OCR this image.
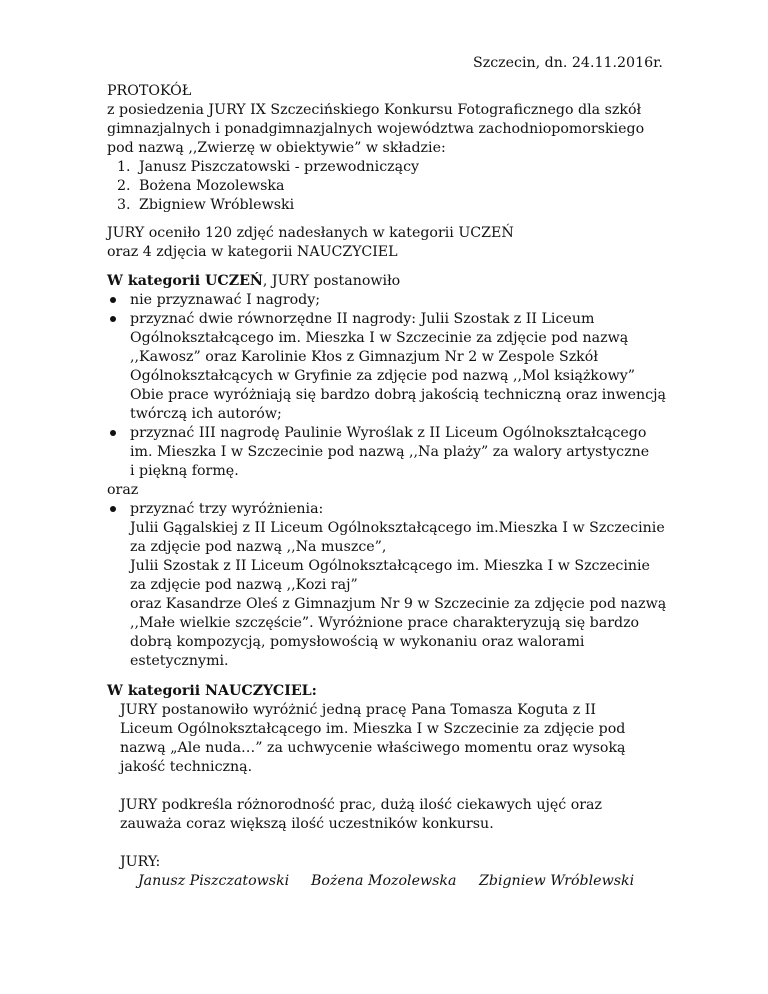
Szczecin, dn. 24.11.2016r.
PROTOKÓŁ
z posiedzenia JURY IX Szczecińskiego Konkursu Fotograficznego dla szkół
gimnazjalnych i ponadgimnazjalnych województwa zachodniopomorskiego
pod nazwą ,,Zwierzę w obiektywie” w składzie:
1. Janusz Piszczatowski - przewodniczący
2. Bożena Mozolewska
3. Zbigniew Wróblewski
JURY oceniło 120 zdjęć nadesłanych w kategorii UCZEŃ
oraz 4 zdjęcia w kategorii NAUCZYCIEL
W kategorii UCZEŃ, JURY postanowiło
nie przyznawać I nagrody;
przyznać dwie równorzędne II nagrody: Julii Szostak z II Liceum
Ogólnokształcącego im. Mieszka I w Szczecinie za zdjęcie pod nazwą
,,Kawosz” oraz Karolinie Kłos z Gimnazjum Nr 2 w Zespole Szkół
Ogólnokształcących w Gryfinie za zdjęcie pod nazwą ,,Mol książkowy”
Obie prace wyróżniają się bardzo dobrą jakością techniczną oraz inwencją
twórczą ich autorów;
przyznać III nagrodę Paulinie Wyroślak z II Liceum Ogólnokształcącego
im. Mieszka I w Szczecinie pod nazwą ,,Na plaży” za walory artystyczne
i piękną formę.
oraz
przyznać trzy wyróżnienia:
Julii Gągalskiej z II Liceum Ogólnokształcącego im.Mieszka I w Szczecinie
za zdjęcie pod nazwą ,,Na muszce”,
Julii Szostak z II Liceum Ogólnokształcącego im. Mieszka I w Szczecinie
za zdjęcie pod nazwą ,,Kozi raj”
oraz Kasandrze Oleś z Gimnazjum Nr 9 w Szczecinie za zdjęcie pod nazwą
,,Małe wielkie szczęście”. Wyróżnione prace charakteryzują się bardzo
dobrą kompozycją, pomysłowością w wykonaniu oraz walorami
estetycznymi.
W kategorii NAUCZYCIEL:
JURY postanowiło wyróżnić jedną pracę Pana Tomasza Koguta z II
Liceum Ogólnokształcącego im. Mieszka I w Szczecinie za zdjęcie pod
nazwą „Ale nuda…” za uchwycenie właściwego momentu oraz wysoką
jakość techniczną.
JURY podkreśla różnorodność prac, dużą ilość ciekawych ujęć oraz
zauważa coraz większą ilość uczestników konkursu.
JURY:
Janusz Piszczatowski Bożena Mozolewska Zbigniew Wróblewski
